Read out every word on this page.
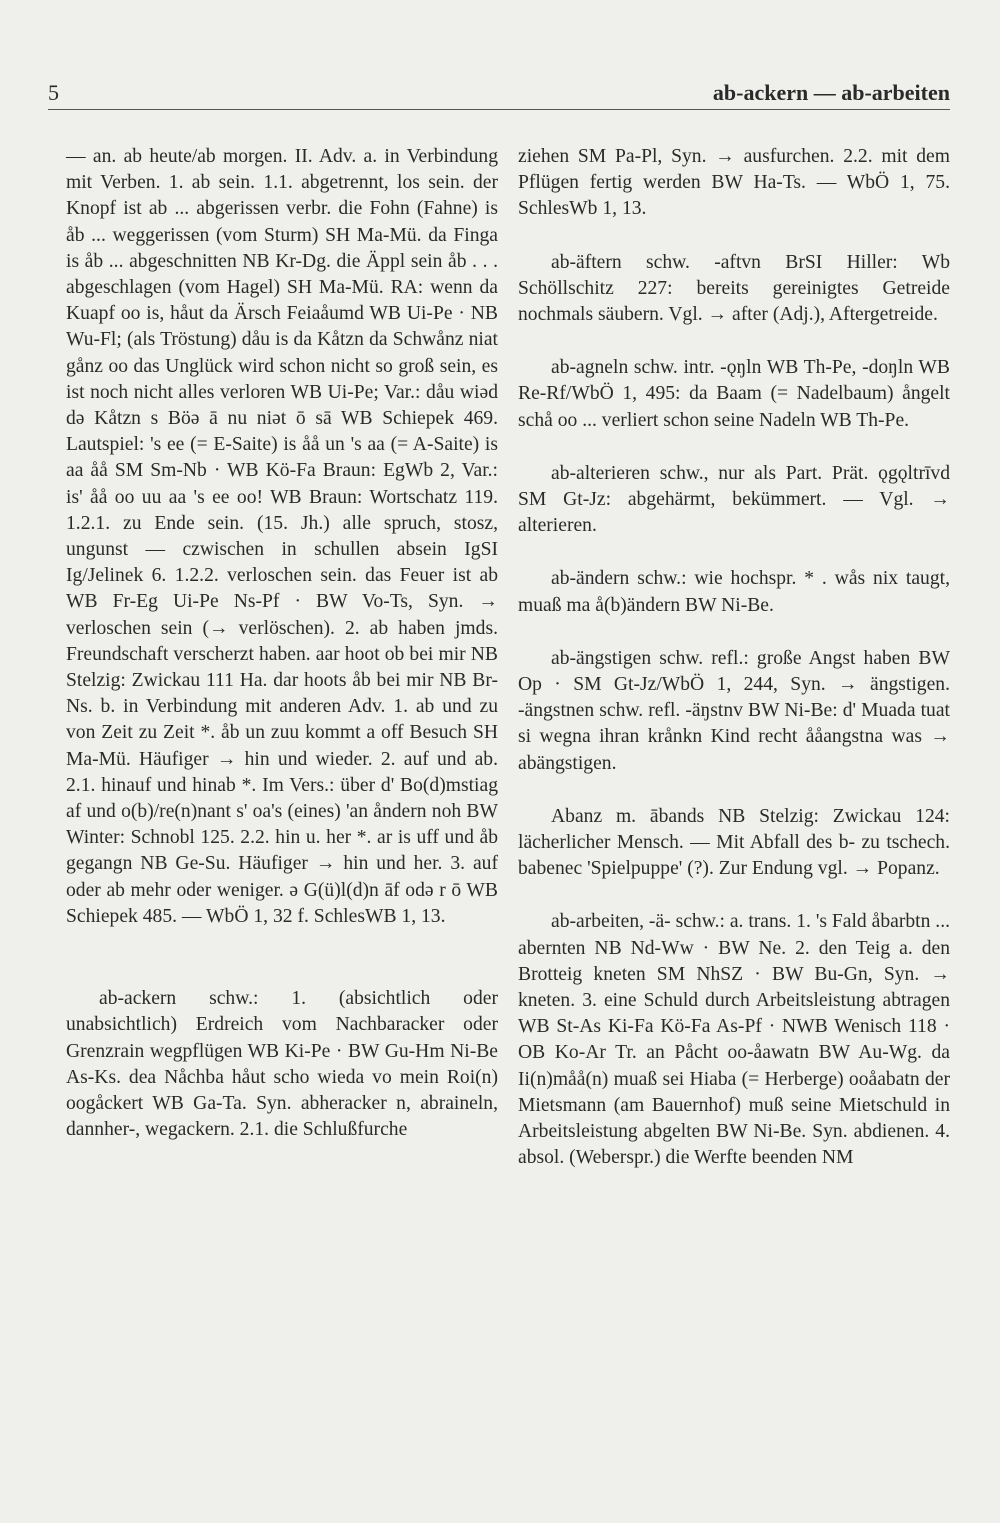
5	ab-ackern — ab-arbeiten

— an. ab heute/ab morgen. II. Adv. a. in Verbindung mit Verben. 1. ab sein. 1.1. abgetrennt, los sein. der Knopf ist ab ... abgerissen verbr. die Fohn (Fahne) is åb ... weggerissen (vom Sturm) SH Ma-Mü. da Finga is åb ... abgeschnitten NB Kr-Dg. die Äppl sein åb . . . abgeschlagen (vom Hagel) SH Ma-Mü. RA: wenn da Kuapf oo is, håut da Ärsch Feiaåumd WB Ui-Pe · NB Wu-Fl; (als Tröstung) dåu is da Kåtzn da Schwånz niat gånz oo das Unglück wird schon nicht so groß sein, es ist noch nicht alles verloren WB Ui-Pe; Var.: dåu wiəd də Kåtzn s Böə ā nu niət ō sā WB Schiepek 469. Lautspiel: 's ee (= E-Saite) is åå un 's aa (= A-Saite) is aa åå SM Sm-Nb · WB Kö-Fa Braun: EgWb 2, Var.: is' åå oo uu aa 's ee oo! WB Braun: Wortschatz 119. 1.2.1. zu Ende sein. (15. Jh.) alle spruch, stosz, ungunst — czwischen in schullen absein IgSI Ig/Jelinek 6. 1.2.2. verloschen sein. das Feuer ist ab WB Fr-Eg Ui-Pe Ns-Pf · BW Vo-Ts, Syn. → verloschen sein (→ verlöschen). 2. ab haben jmds. Freundschaft verscherzt haben. aar hoot ob bei mir NB Stelzig: Zwickau 111 Ha. dar hoots åb bei mir NB Br-Ns. b. in Verbindung mit anderen Adv. 1. ab und zu von Zeit zu Zeit *. åb un zuu kommt a off Besuch SH Ma-Mü. Häufiger → hin und wieder. 2. auf und ab. 2.1. hinauf und hinab *. Im Vers.: über d' Bo(d)mstiag af und o(b)/re(n)nant s' oa's (eines) 'an åndern noh BW Winter: Schnobl 125. 2.2. hin u. her *. ar is uff und åb gegangn NB Ge-Su. Häufiger → hin und her. 3. auf oder ab mehr oder weniger. ə G(ü)l(d)n āf odə r ō WB Schiepek 485. — WbÖ 1, 32 f. SchlesWB 1, 13.

ab-ackern schw.: 1. (absichtlich oder unabsichtlich) Erdreich vom Nachbaracker oder Grenzrain wegpflügen WB Ki-Pe · BW Gu-Hm Ni-Be As-Ks. dea Nåchba håut scho wieda vo mein Roi(n) oogåckert WB Ga-Ta. Syn. abheracker n, abraineln, dannher-, wegackern. 2.1. die Schlußfurche

ziehen SM Pa-Pl, Syn. → ausfurchen. 2.2. mit dem Pflügen fertig werden BW Ha-Ts. — WbÖ 1, 75. SchlesWb 1, 13.

ab-äftern schw. -aftvn BrSI Hiller: Wb Schöllschitz 227: bereits gereinigtes Getreide nochmals säubern. Vgl. → after (Adj.), Aftergetreide.

ab-agneln schw. intr. -ǫŋln WB Th-Pe, -doŋln WB Re-Rf/WbÖ 1, 495: da Baam (= Nadelbaum) ångelt schå oo ... verliert schon seine Nadeln WB Th-Pe.

ab-alterieren schw., nur als Part. Prät. ǫgǫltrīvd SM Gt-Jz: abgehärmt, bekümmert. — Vgl. → alterieren.

ab-ändern schw.: wie hochspr. * . wås nix taugt, muaß ma å(b)ändern BW Ni-Be.

ab-ängstigen schw. refl.: große Angst haben BW Op · SM Gt-Jz/WbÖ 1, 244, Syn. → ängstigen. -ängstnen schw. refl. -äŋstnv BW Ni-Be: d' Muada tuat si wegna ihran krånkn Kind recht ååangstna was → abängstigen.

Abanz m. ābands NB Stelzig: Zwickau 124: lächerlicher Mensch. — Mit Abfall des b- zu tschech. babenec 'Spielpuppe' (?). Zur Endung vgl. → Popanz.

ab-arbeiten, -ä- schw.: a. trans. 1. 's Fald åbarbtn ... abernten NB Nd-Ww · BW Ne. 2. den Teig a. den Brotteig kneten SM NhSZ · BW Bu-Gn, Syn. → kneten. 3. eine Schuld durch Arbeitsleistung abtragen WB St-As Ki-Fa Kö-Fa As-Pf · NWB Wenisch 118 · OB Ko-Ar Tr. an Påcht oo-åawatn BW Au-Wg. da Ii(n)måå(n) muaß sei Hiaba (= Herberge) ooåabatn der Mietsmann (am Bauernhof) muß seine Mietschuld in Arbeitsleistung abgelten BW Ni-Be. Syn. abdienen. 4. absol. (Weberspr.) die Werfte beenden NM
